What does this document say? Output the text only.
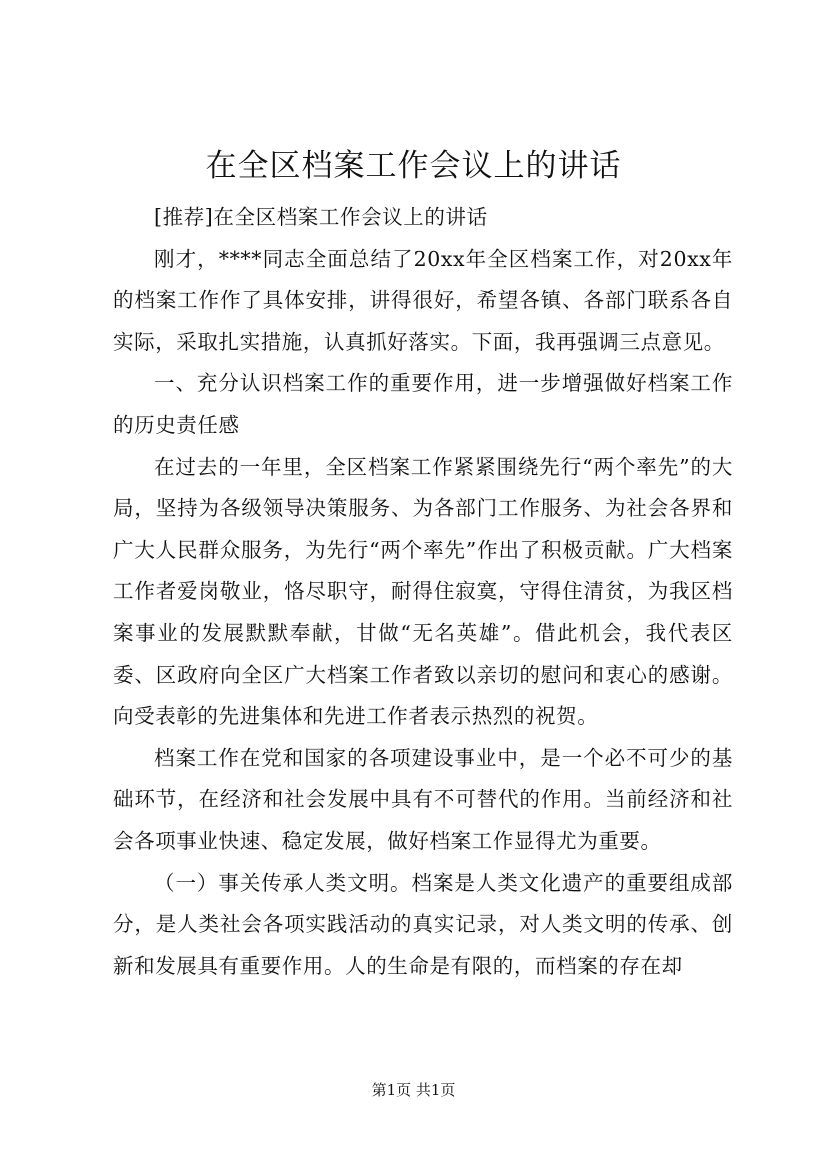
在全区档案工作会议上的讲话

[推荐]在全区档案工作会议上的讲话

刚才，****同志全面总结了20xx年全区档案工作，对20xx年的档案工作作了具体安排，讲得很好，希望各镇、各部门联系各自实际，采取扎实措施，认真抓好落实。下面，我再强调三点意见。

一、充分认识档案工作的重要作用，进一步增强做好档案工作的历史责任感

在过去的一年里，全区档案工作紧紧围绕先行“两个率先”的大局，坚持为各级领导决策服务、为各部门工作服务、为社会各界和广大人民群众服务，为先行“两个率先”作出了积极贡献。广大档案工作者爱岗敬业，恪尽职守，耐得住寂寞，守得住清贫，为我区档案事业的发展默默奉献，甘做“无名英雄”。借此机会，我代表区委、区政府向全区广大档案工作者致以亲切的慰问和衷心的感谢。向受表彰的先进集体和先进工作者表示热烈的祝贺。

档案工作在党和国家的各项建设事业中，是一个必不可少的基础环节，在经济和社会发展中具有不可替代的作用。当前经济和社会各项事业快速、稳定发展，做好档案工作显得尤为重要。

（一）事关传承人类文明。档案是人类文化遗产的重要组成部分，是人类社会各项实践活动的真实记录，对人类文明的传承、创新和发展具有重要作用。人的生命是有限的，而档案的存在却

第1页 共1页
